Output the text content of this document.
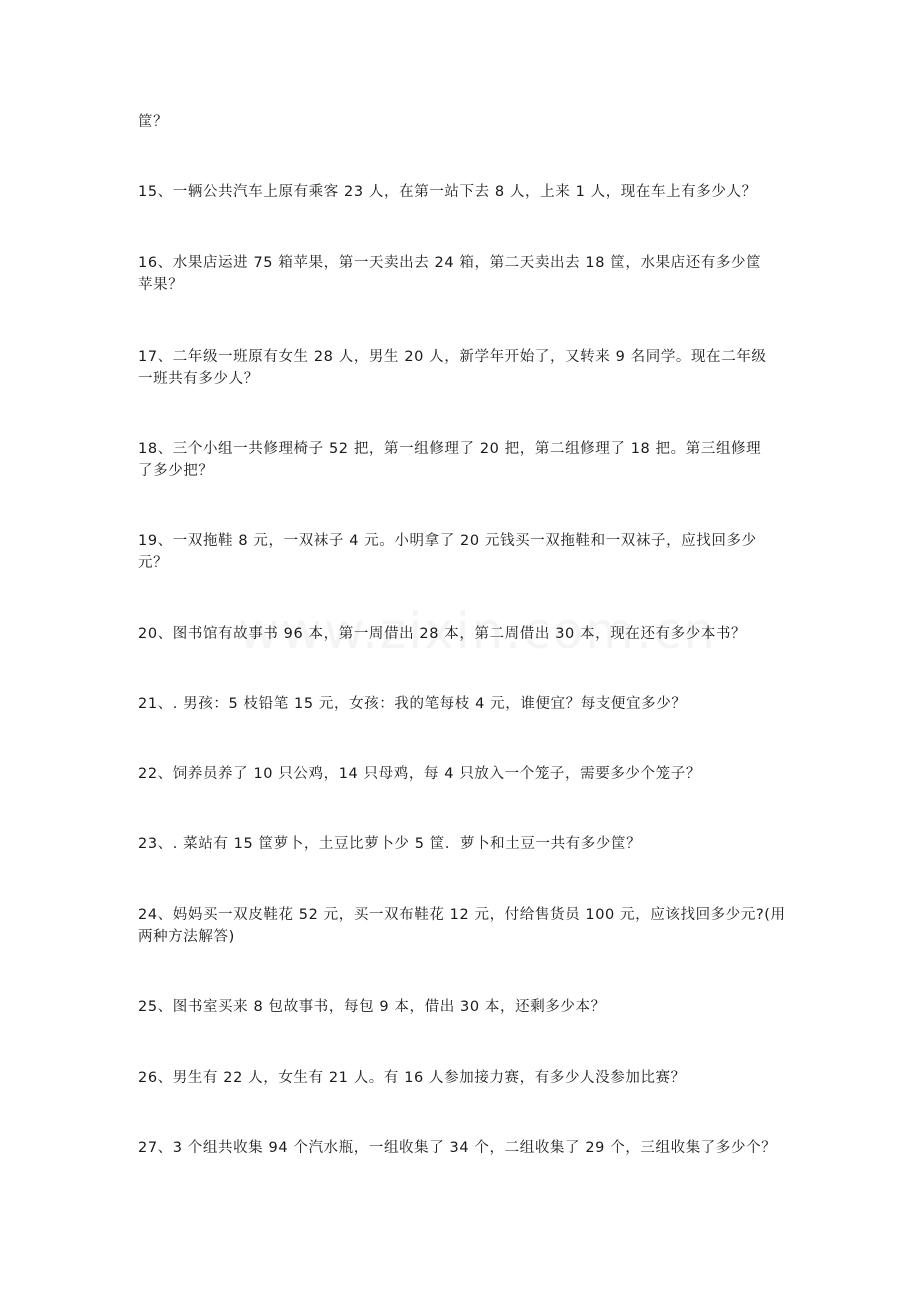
筐？
15、一辆公共汽车上原有乘客 23 人，在第一站下去 8 人，上来 1 人，现在车上有多少人？
16、水果店运进 75 箱苹果，第一天卖出去 24 箱，第二天卖出去 18 筐，水果店还有多少筐
苹果？
17、二年级一班原有女生 28 人，男生 20 人，新学年开始了，又转来 9 名同学。现在二年级
一班共有多少人？
18、三个小组一共修理椅子 52 把，第一组修理了 20 把，第二组修理了 18 把。第三组修理
了多少把？
19、一双拖鞋 8 元，一双袜子 4 元。小明拿了 20 元钱买一双拖鞋和一双袜子，应找回多少
元？
20、图书馆有故事书 96 本，第一周借出 28 本，第二周借出 30 本，现在还有多少本书？
21、. 男孩：5 枝铅笔 15 元，女孩：我的笔每枝 4 元，谁便宜？每支便宜多少？
22、饲养员养了 10 只公鸡，14 只母鸡，每 4 只放入一个笼子，需要多少个笼子？
23、. 菜站有 15 筐萝卜，土豆比萝卜少 5 筐．萝卜和土豆一共有多少筐？
24、妈妈买一双皮鞋花 52 元，买一双布鞋花 12 元，付给售货员 100 元，应该找回多少元?(用
两种方法解答)
25、图书室买来 8 包故事书，每包 9 本，借出 30 本，还剩多少本？
26、男生有 22 人，女生有 21 人。有 16 人参加接力赛，有多少人没参加比赛？
27、3 个组共收集 94 个汽水瓶，一组收集了 34 个，二组收集了 29 个，三组收集了多少个？
